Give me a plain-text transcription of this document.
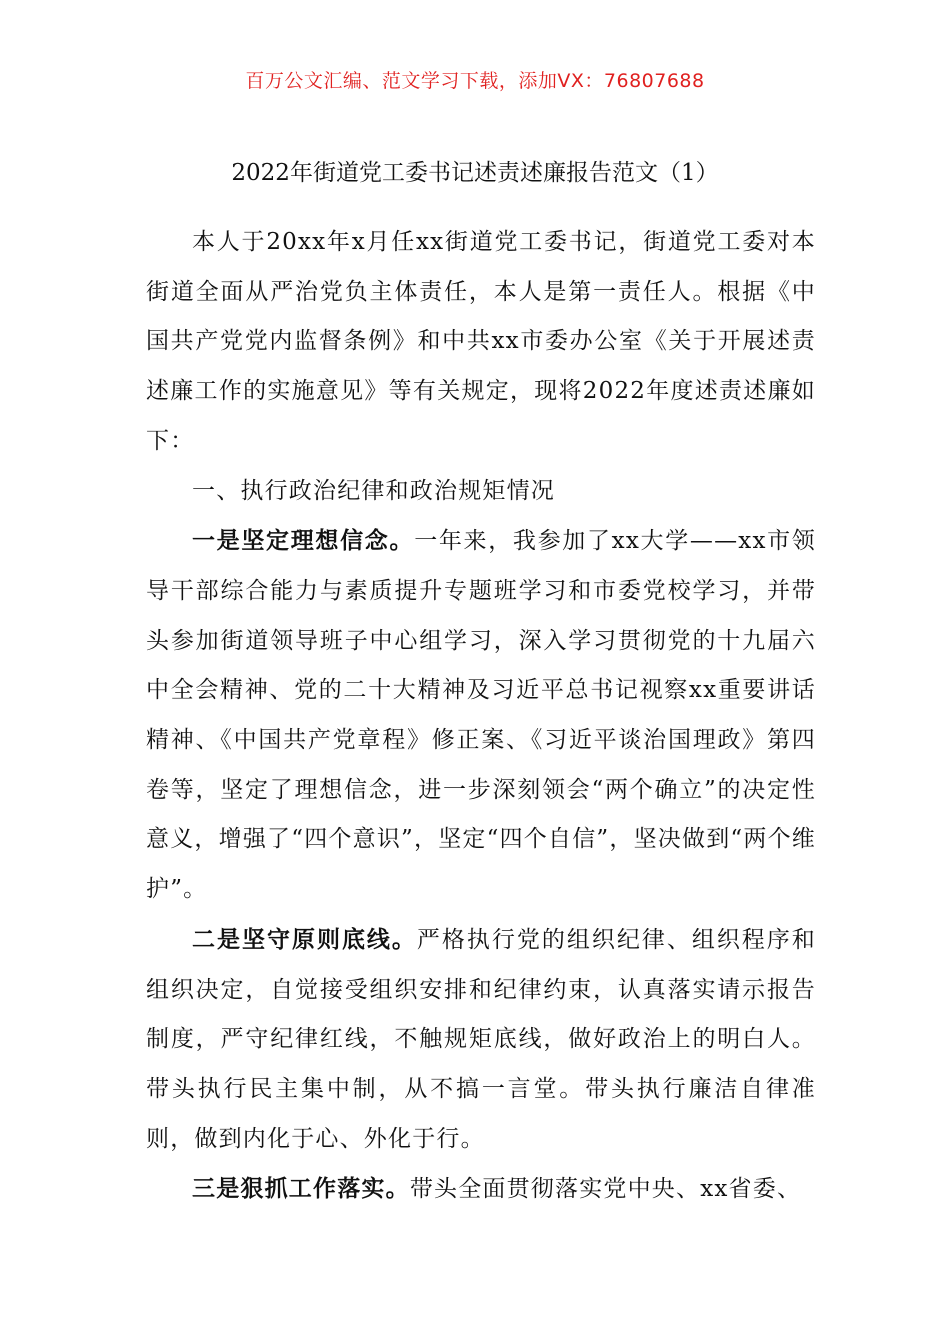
百万公文汇编、范文学习下载，添加VX：76807688
2022年街道党工委书记述责述廉报告范文（1）

本人于20xx年x月任xx街道党工委书记，街道党工委对本街道全面从严治党负主体责任，本人是第一责任人。根据《中国共产党党内监督条例》和中共xx市委办公室《关于开展述责述廉工作的实施意见》等有关规定，现将2022年度述责述廉如下：

一、执行政治纪律和政治规矩情况

一是坚定理想信念。一年来，我参加了xx大学——xx市领导干部综合能力与素质提升专题班学习和市委党校学习，并带头参加街道领导班子中心组学习，深入学习贯彻党的十九届六中全会精神、党的二十大精神及习近平总书记视察xx重要讲话精神、《中国共产党章程》修正案、《习近平谈治国理政》第四卷等，坚定了理想信念，进一步深刻领会“两个确立”的决定性意义，增强了“四个意识”，坚定“四个自信”，坚决做到“两个维护”。

二是坚守原则底线。严格执行党的组织纪律、组织程序和组织决定，自觉接受组织安排和纪律约束，认真落实请示报告制度，严守纪律红线，不触规矩底线，做好政治上的明白人。带头执行民主集中制，从不搞一言堂。带头执行廉洁自律准则，做到内化于心、外化于行。

三是狠抓工作落实。带头全面贯彻落实党中央、xx省委、
